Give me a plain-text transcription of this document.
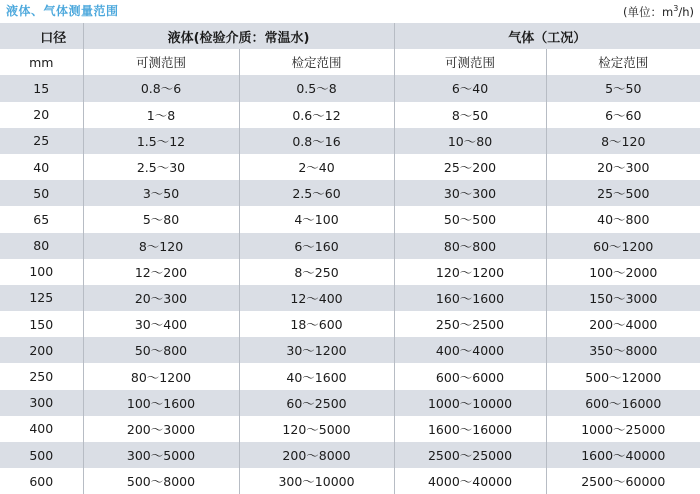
液体、气体测量范围	(单位：$m^3/h$)
口径	液体(检验介质：常温水)		气体（工况）	
mm	可测范围	检定范围	可测范围	检定范围
15	0.8～6	0.5～8	6～40	5～50
20	1～8	0.6～12	8～50	6～60
25	1.5～12	0.8～16	10～80	8～120
40	2.5～30	2～40	25～200	20～300
50	3～50	2.5～60	30～300	25～500
65	5～80	4～100	50～500	40～800
80	8～120	6～160	80～800	60～1200
100	12～200	8～250	120～1200	100～2000
125	20～300	12～400	160～1600	150～3000
150	30～400	18～600	250～2500	200～4000
200	50～800	30～1200	400～4000	350～8000
250	80～1200	40～1600	600～6000	500～12000
300	100～1600	60～2500	1000～10000	600～16000
400	200～3000	120～5000	1600～16000	1000～25000
500	300～5000	200～8000	2500～25000	1600～40000
600	500～8000	300～10000	4000～40000	2500～60000
